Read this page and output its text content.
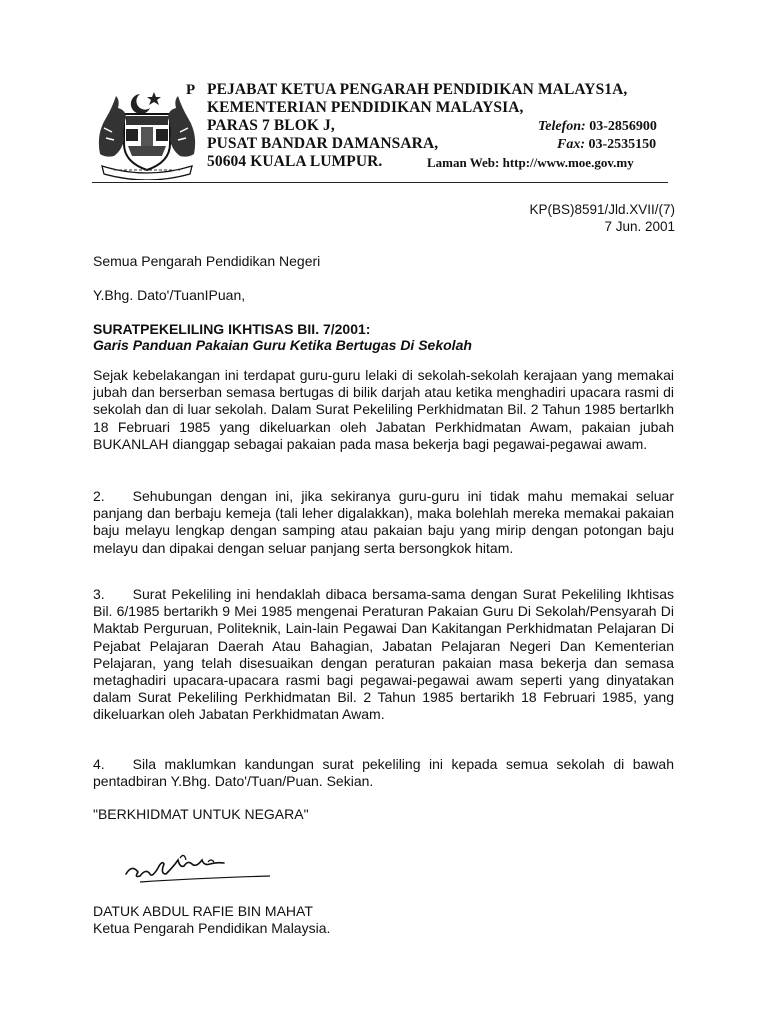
P PEJABAT KETUA PENGARAH PENDIDIKAN MALAYS1A,
KEMENTERIAN PENDIDIKAN MALAYSIA,
PARAS 7 BLOK J,
PUSAT BANDAR DAMANSARA,
50604 KUALA LUMPUR.
Telefon: 03-2856900
Fax: 03-2535150
Laman Web: http://www.moe.gov.my
KP(BS)8591/Jld.XVII/(7)
7 Jun. 2001
Semua Pengarah Pendidikan Negeri
Y.Bhg. Dato'/TuanIPuan,
SURATPEKELILING IKHTISAS BII. 7/2001:
Garis Panduan Pakaian Guru Ketika Bertugas Di Sekolah
Sejak kebelakangan ini terdapat guru-guru lelaki di sekolah-sekolah kerajaan yang memakai jubah dan berserban semasa bertugas di bilik darjah atau ketika menghadiri upacara rasmi di sekolah dan di luar sekolah. Dalam Surat Pekeliling Perkhidmatan Bil. 2 Tahun 1985 bertarlkh 18 Februari 1985 yang dikeluarkan oleh Jabatan Perkhidmatan Awam, pakaian jubah BUKANLAH dianggap sebagai pakaian pada masa bekerja bagi pegawai-pegawai awam.
2.  Sehubungan dengan ini, jika sekiranya guru-guru ini tidak mahu memakai seluar panjang dan berbaju kemeja (tali leher digalakkan), maka bolehlah mereka memakai pakaian baju melayu lengkap dengan samping atau pakaian baju yang mirip dengan potongan baju melayu dan dipakai dengan seluar panjang serta bersongkok hitam.
3.  Surat Pekeliling ini hendaklah dibaca bersama-sama dengan Surat Pekeliling Ikhtisas Bil. 6/1985 bertarikh 9 Mei 1985 mengenai Peraturan Pakaian Guru Di Sekolah/Pensyarah Di Maktab Perguruan, Politeknik, Lain-lain Pegawai Dan Kakitangan Perkhidmatan Pelajaran Di Pejabat Pelajaran Daerah Atau Bahagian, Jabatan Pelajaran Negeri Dan Kementerian Pelajaran, yang telah disesuaikan dengan peraturan pakaian masa bekerja dan semasa metaghadiri upacara-upacara rasmi bagi pegawai-pegawai awam seperti yang dinyatakan dalam Surat Pekeliling Perkhidmatan Bil. 2 Tahun 1985 bertarikh 18 Februari 1985, yang dikeluarkan oleh Jabatan Perkhidmatan Awam.
4.  Sila maklumkan kandungan surat pekeliling ini kepada semua sekolah di bawah pentadbiran Y.Bhg. Dato'/Tuan/Puan. Sekian.
"BERKHIDMAT UNTUK NEGARA"
DATUK ABDUL RAFIE BIN MAHAT
Ketua Pengarah Pendidikan Malaysia.
